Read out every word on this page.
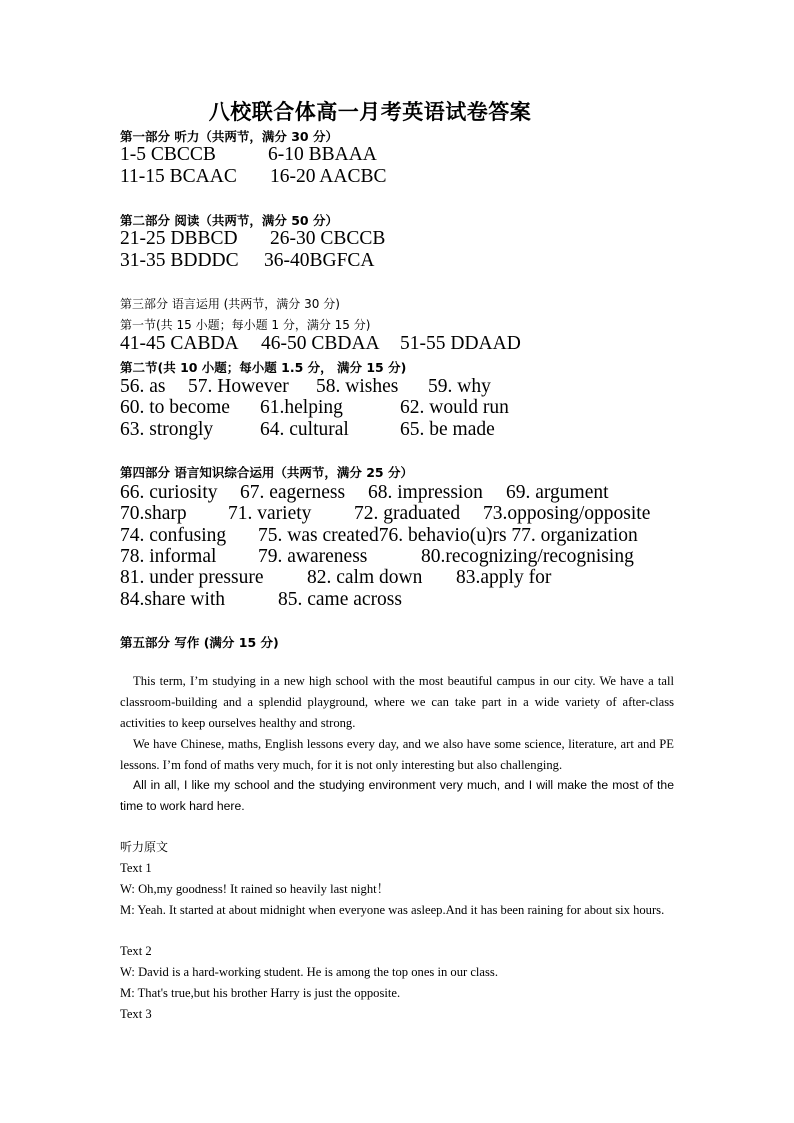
八校联合体高一月考英语试卷答案
第一部分 听力（共两节，满分 30 分）
1-5 CBCCB	6-10 BBAAA
11-15 BCAAC 16-20 AACBC
第二部分 阅读（共两节，满分 50 分）
21-25 DBBCD 26-30 CBCCB
31-35 BDDDC 36-40BGFCA
第三部分 语言运用 (共两节，满分 30 分)
第一节(共 15 小题；每小题 1 分，满分 15 分)
41-45 CABDA 46-50 CBDAA 51-55 DDAAD
第二节(共 10 小题；每小题 1.5 分， 满分 15 分)
56. as 57. However 58. wishes 59. why
60. to become 61.helping	62. would run
63. strongly 64. cultural	65. be made
第四部分 语言知识综合运用（共两节，满分 25 分）
66. curiosity 67. eagerness 68. impression 69. argument
70.sharp 71. variety 72. graduated 73.opposing/opposite
74. confusing 75. was created76. behavio(u)rs 77. organization
78. informal 79. awareness	80.recognizing/recognising
81. under pressure 82. calm down 83.apply for
84.share with	85. came across
第五部分 写作 (满分 15 分)
This term, I’m studying in a new high school with the most beautiful campus in our city. We have a tall classroom-building and a splendid playground, where we can take part in a wide variety of after-class activities to keep ourselves healthy and strong.
We have Chinese, maths, English lessons every day, and we also have some science, literature, art and PE lessons. I’m fond of maths very much, for it is not only interesting but also challenging.
All in all, I like my school and the studying environment very much, and I will make the most of the time to work hard here.
听力原文
Text 1
W: Oh,my goodness! It rained so heavily last night！
M: Yeah. It started at about midnight when everyone was asleep.And it has been raining for about six hours.
Text 2
W: David is a hard-working student. He is among the top ones in our class.
M: That's true,but his brother Harry is just the opposite.
Text 3
